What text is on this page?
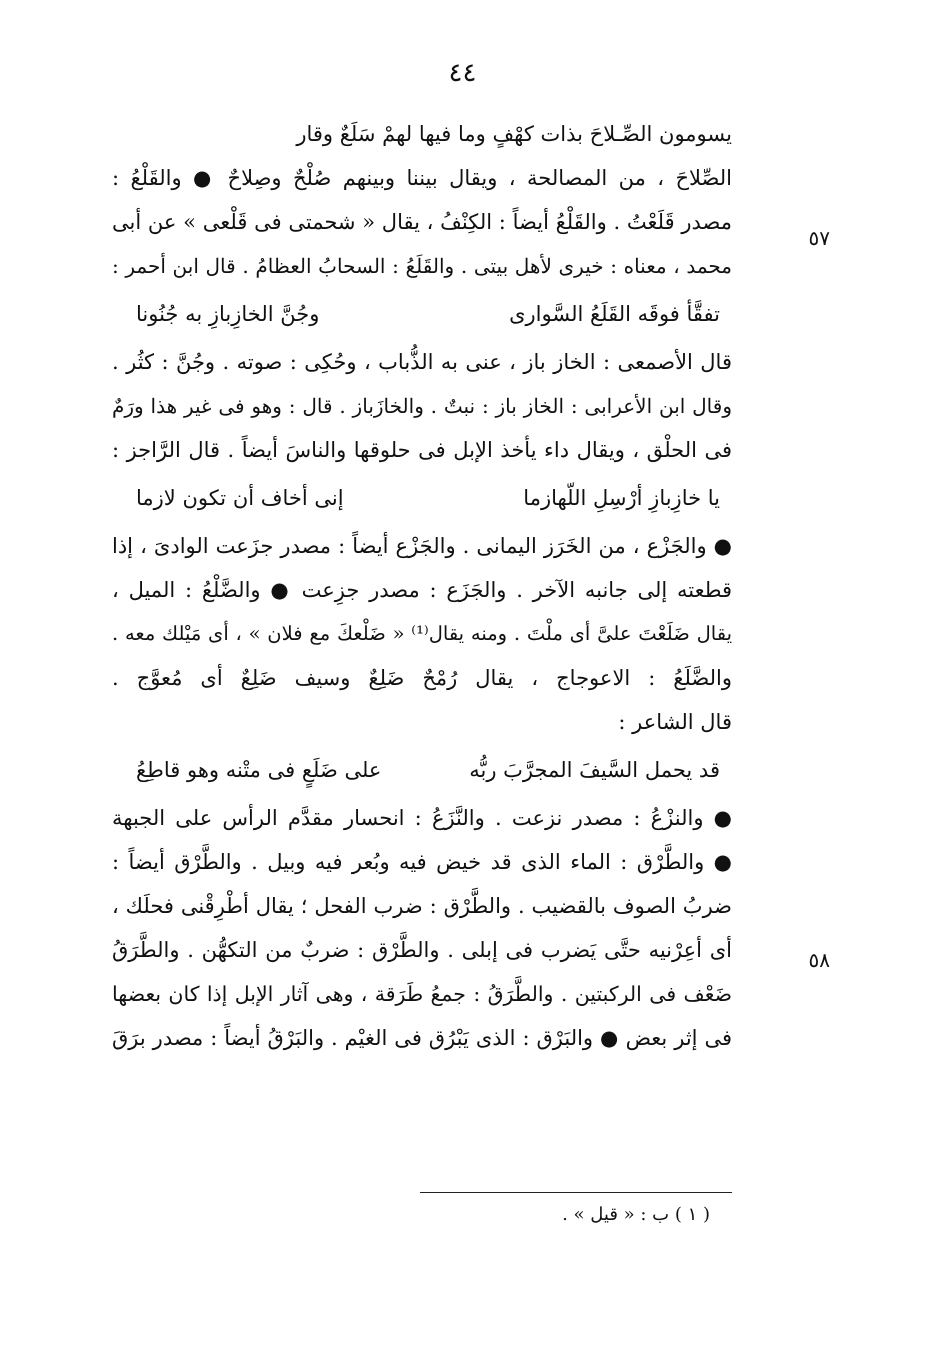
٤٤
٥٧
٥٨
يسومون الصِّـلاحَ بذات كهْفٍ وما فيها لهمْ سَلَعٌ وقار
الصِّلاحَ ، من المصالحة ، ويقال بيننا وبينهم صُلْحٌ وصِلاحٌ ● والقَلْعُ :
مصدر قَلَعْتُ . والقَلْعُ أيضاً : الكِنْفُ ، يقال « شحمتى فى قَلْعى » عن أبى
محمد ، معناه : خيرى لأهل بيتى . والقَلَعُ : السحابُ العظامُ . قال ابن أحمر :
تفقَّأ فوقَه القَلَعُ السَّوارى
وجُنَّ الخازِبازِ به جُنُونا
قال الأصمعى : الخاز باز ، عنى به الذُّباب ، وحُكِى : صوته . وجُنَّ : كثُر .
وقال ابن الأعرابى : الخاز باز : نبتٌ . والخازَباز . قال : وهو فى غير هذا ورَمٌ
فى الحلْق ، ويقال داء يأخذ الإبل فى حلوقها والناسَ أيضاً . قال الرَّاجز :
يا خازِبازِ أرْسِلِ اللّهازما
إنى أخاف أن تكون لازما
● والجَزْع ، من الخَرَز اليمانى . والجَزْع أيضاً : مصدر جزَعت الوادىَ ، إذا
قطعته إلى جانبه الآخر . والجَزَع : مصدر جزِعت ● والضَّلْعُ : الميل ،
يقال ضَلَعْتَ علىَّ أى ملْتَ . ومنه يقال⁽¹⁾ « ضَلْعكَ مع فلان » ، أى مَيْلك معه .
والضَّلَعُ : الاعوجاج ، يقال رُمْحٌ ضَلِعٌ وسيف ضَلِعٌ أى مُعوَّج .
قال الشاعر :
قد يحمل السَّيفَ المجرَّبَ ربُّه
على ضَلَعٍ فى متْنه وهو قاطِعُ
● والنزْعُ : مصدر نزعت . والنَّزَعُ : انحسار مقدَّم الرأس على الجبهة
● والطَّرْق : الماء الذى قد خيض فيه وبُعر فيه وبيل . والطَّرْق أيضاً :
ضربُ الصوف بالقضيب . والطَّرْق : ضرب الفحل ؛ يقال أطْرِقْنى فحلَك ،
أى أعِرْنيه حتَّى يَضرب فى إبلى . والطَّرْق : ضربٌ من التكهُّن . والطَّرَقُ
ضَعْف فى الركبتين . والطَّرَقُ : جمعُ طَرَقة ، وهى آثار الإبل إذا كان بعضها
فى إثر بعض ● والبَرْق : الذى يَبْرُق فى الغيْم . والبَرْقُ أيضاً : مصدر برَقَ
( ١ ) ب : « قيل » .
